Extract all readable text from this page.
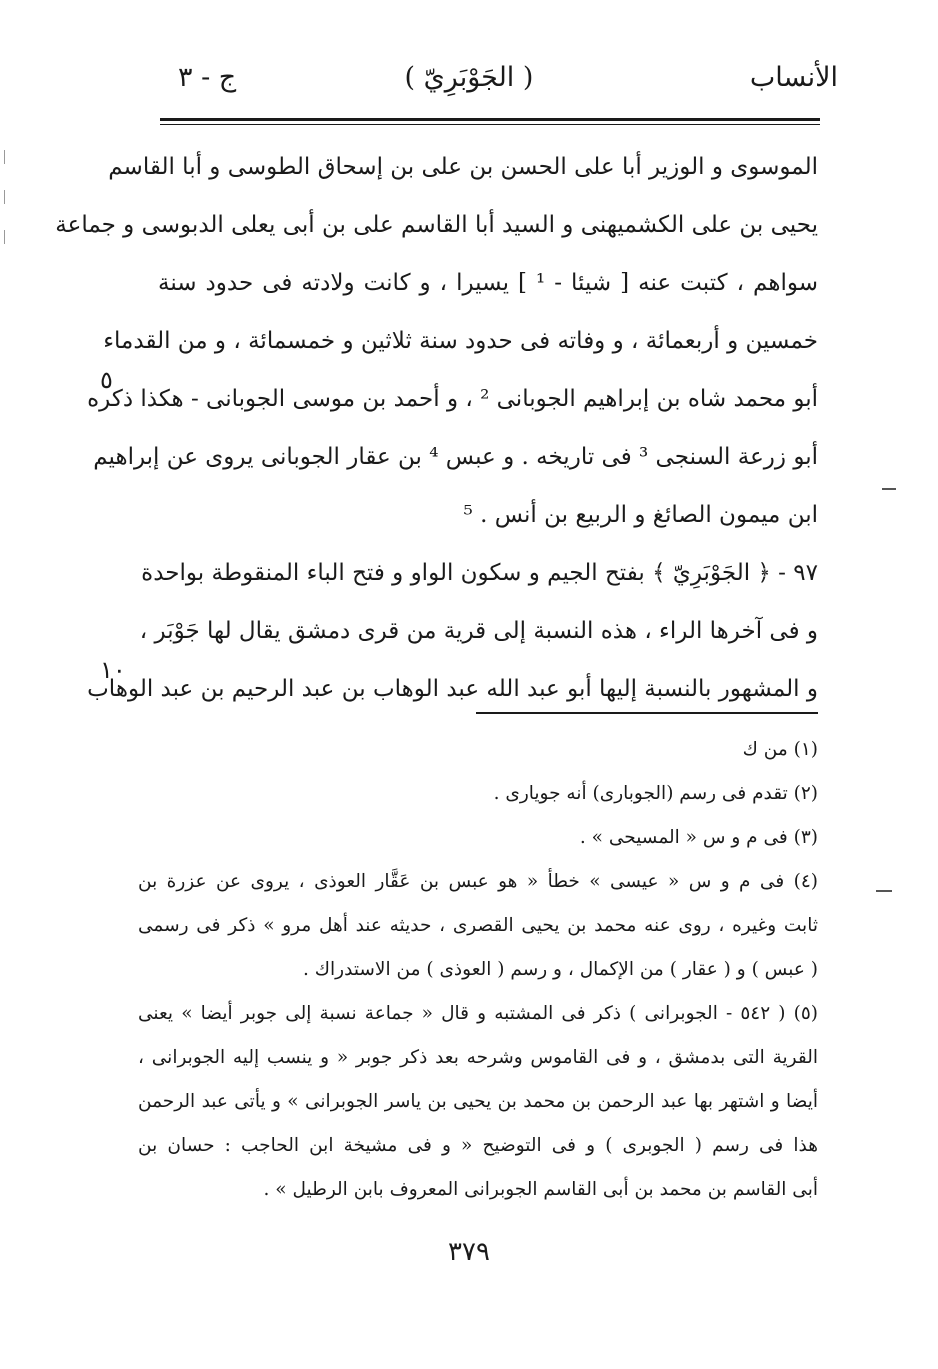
الأنساب
( الجَوْبَرِيّ )
ج - ٣
الموسوى و الوزير أبا على الحسن بن على بن إسحاق الطوسى و أبا القاسم
يحيى بن على الكشميهنى و السيد أبا القاسم على بن أبى يعلى الدبوسى و جماعة
سواهم ، كتبت عنه [ شيئا - ¹ ] يسيرا ، و كانت ولادته فى حدود سنة
خمسين و أربعمائة ، و وفاته فى حدود سنة ثلاثين و خمسمائة ، و من القدماء
أبو محمد شاه بن إبراهيم الجوبانى ² ، و أحمد بن موسى الجوبانى - هكذا ذكره
أبو زرعة السنجى ³ فى تاريخه . و عبس ⁴ بن عقار الجوبانى يروى عن إبراهيم
ابن ميمون الصائغ و الربيع بن أنس . ⁵
٩٧ - ﴿ الجَوْبَرِيّ ﴾ بفتح الجيم و سكون الواو و فتح الباء المنقوطة بواحدة
و فى آخرها الراء ، هذه النسبة إلى قرية من قرى دمشق يقال لها جَوْبَر ،
و المشهور بالنسبة إليها أبو عبد الله عبد الوهاب بن عبد الرحيم بن عبد الوهاب
٥
١٠
(١) من ك
(٢) تقدم فى رسم (الجوبارى) أنه جويارى .
(٣) فى م و س « المسيحى » .
(٤) فى م و س « عيسى » خطأ « هو عبس بن عَقَّار العوذى ، يروى عن عزرة بن
ثابت وغيره ، روى عنه محمد بن يحيى القصرى ، حديثه عند أهل مرو » ذكر فى رسمى
( عبس ) و ( عقار ) من الإكمال ، و رسم ( العوذى ) من الاستدراك .
(٥) ( ٥٤٢ - الجوبرانى ) ذكر فى المشتبه و قال « جماعة نسبة إلى جوبر أيضا » يعنى
القرية التى بدمشق ، و فى القاموس وشرحه بعد ذكر جوبر « و ينسب إليه الجوبرانى ،
أيضا و اشتهر بها عبد الرحمن بن محمد بن يحيى بن ياسر الجوبرانى » و يأتى عبد الرحمن
هذا فى رسم ( الجوبرى ) و فى التوضيح « و فى مشيخة ابن الحاجب : حسان بن
أبى القاسم بن محمد بن أبى القاسم الجوبرانى المعروف بابن الرطيل » .
٣٧٩
